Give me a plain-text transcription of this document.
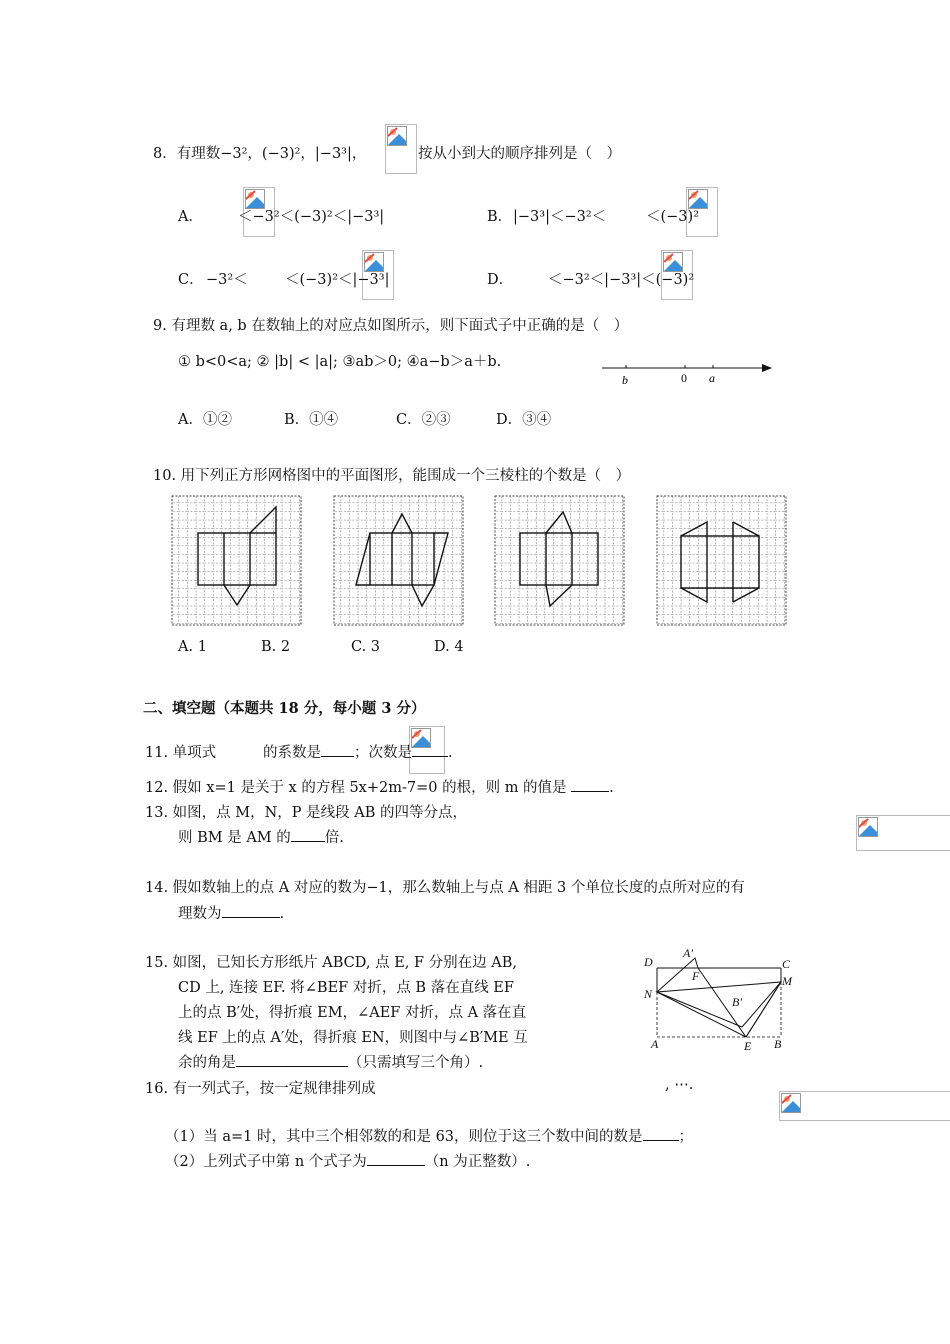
8．有理数−3²，(−3)²，|−3³|，
	按从小到大的顺序排列是（　）
A．
＜−3²＜(−3)²＜|−3³|	B． |−3³|＜−3²＜
	＜(−3)²
C． −3²＜
	＜(−3)²＜|−3³|	D．
＜−3²＜|−3³|＜(−3)²
9. 有理数 a, b 在数轴上的对应点如图所示，则下面式子中正确的是（　）
① b<0<a; ② |b| < |a|; ③ab＞0; ④a−b＞a＋b.
b	0 a
A．①②	B．①④	C．②③	D．③④
10. 用下列正方形网格图中的平面图形，能围成一个三棱柱的个数是（　）
A. 1	B. 2	C. 3	D. 4
二、填空题（本题共 18 分，每小题 3 分）
11. 单项式
	的系数是 ；次数是 .
12. 假如 x=1 是关于 x 的方程 5x+2m-7=0 的根，则 m 的值是	.
13. 如图，点 M，N，P 是线段 AB 的四等分点，
则 BM 是 AM 的 倍.

14. 假如数轴上的点 A 对应的数为−1，那么数轴上与点 A 相距 3 个单位长度的点所对应的有
理数为	.
15. 如图，已知长方形纸片 ABCD, 点 E, F 分别在边 AB,
CD 上, 连接 EF. 将∠BEF 对折，点 B 落在直线 EF
上的点 B′处，得折痕 EM，∠AEF 对折，点 A 落在直
线 EF 上的点 A′处，得折痕 EN，则图中与∠B′ME 互
余的角是	（只需填写三个角）.
D
A'
C
F	M
N
B'
A	E B
16. 有一列式子，按一定规律排列成	, ⋯.
（1）当 a=1 时，其中三个相邻数的和是 63，则位于这三个数中间的数是 ；
（2）上列式子中第 n 个式子为	（n 为正整数）.
